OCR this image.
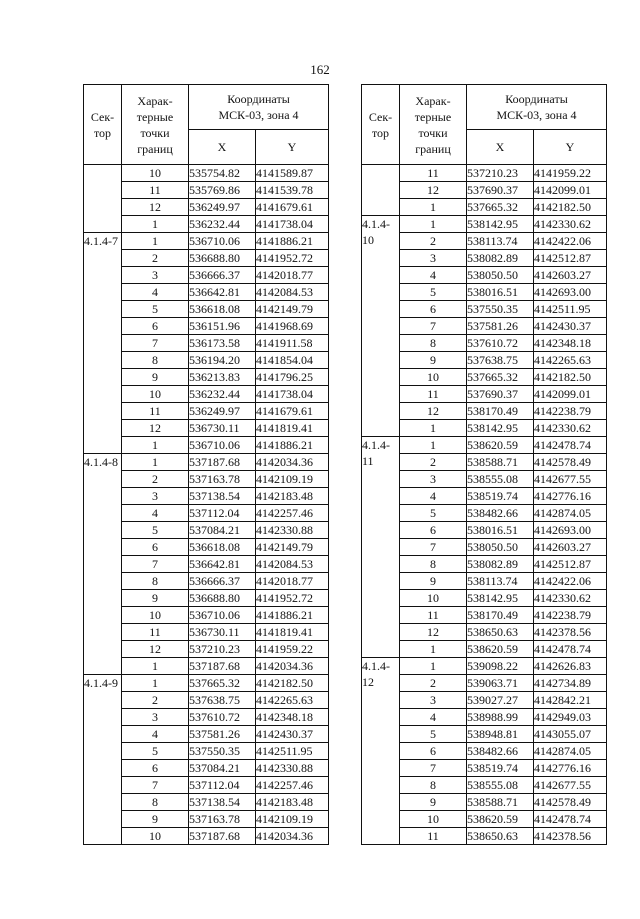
162
Сек-
тор	Харак-
терные
точки
границ	Координаты
МСК-03, зона 4	
		X	Y
	10	535754.82	4141589.87
	11	535769.86	4141539.78
	12	536249.97	4141679.61
	1	536232.44	4141738.04
4.1.4-7	1	536710.06	4141886.21
	2	536688.80	4141952.72
	3	536666.37	4142018.77
	4	536642.81	4142084.53
	5	536618.08	4142149.79
	6	536151.96	4141968.69
	7	536173.58	4141911.58
	8	536194.20	4141854.04
	9	536213.83	4141796.25
	10	536232.44	4141738.04
	11	536249.97	4141679.61
	12	536730.11	4141819.41
	1	536710.06	4141886.21
4.1.4-8	1	537187.68	4142034.36
	2	537163.78	4142109.19
	3	537138.54	4142183.48
	4	537112.04	4142257.46
	5	537084.21	4142330.88
	6	536618.08	4142149.79
	7	536642.81	4142084.53
	8	536666.37	4142018.77
	9	536688.80	4141952.72
	10	536710.06	4141886.21
	11	536730.11	4141819.41
	12	537210.23	4141959.22
	1	537187.68	4142034.36
4.1.4-9	1	537665.32	4142182.50
	2	537638.75	4142265.63
	3	537610.72	4142348.18
	4	537581.26	4142430.37
	5	537550.35	4142511.95
	6	537084.21	4142330.88
	7	537112.04	4142257.46
	8	537138.54	4142183.48
	9	537163.78	4142109.19
	10	537187.68	4142034.36
Сек-
тор	Харак-
терные
точки
границ	Координаты
МСК-03, зона 4	
		X	Y
	11	537210.23	4141959.22
	12	537690.37	4142099.01
	1	537665.32	4142182.50
4.1.4-
10	1	538142.95	4142330.62
	2	538113.74	4142422.06
	3	538082.89	4142512.87
	4	538050.50	4142603.27
	5	538016.51	4142693.00
	6	537550.35	4142511.95
	7	537581.26	4142430.37
	8	537610.72	4142348.18
	9	537638.75	4142265.63
	10	537665.32	4142182.50
	11	537690.37	4142099.01
	12	538170.49	4142238.79
	1	538142.95	4142330.62
4.1.4-
11	1	538620.59	4142478.74
	2	538588.71	4142578.49
	3	538555.08	4142677.55
	4	538519.74	4142776.16
	5	538482.66	4142874.05
	6	538016.51	4142693.00
	7	538050.50	4142603.27
	8	538082.89	4142512.87
	9	538113.74	4142422.06
	10	538142.95	4142330.62
	11	538170.49	4142238.79
	12	538650.63	4142378.56
	1	538620.59	4142478.74
4.1.4-
12	1	539098.22	4142626.83
	2	539063.71	4142734.89
	3	539027.27	4142842.21
	4	538988.99	4142949.03
	5	538948.81	4143055.07
	6	538482.66	4142874.05
	7	538519.74	4142776.16
	8	538555.08	4142677.55
	9	538588.71	4142578.49
	10	538620.59	4142478.74
	11	538650.63	4142378.56
